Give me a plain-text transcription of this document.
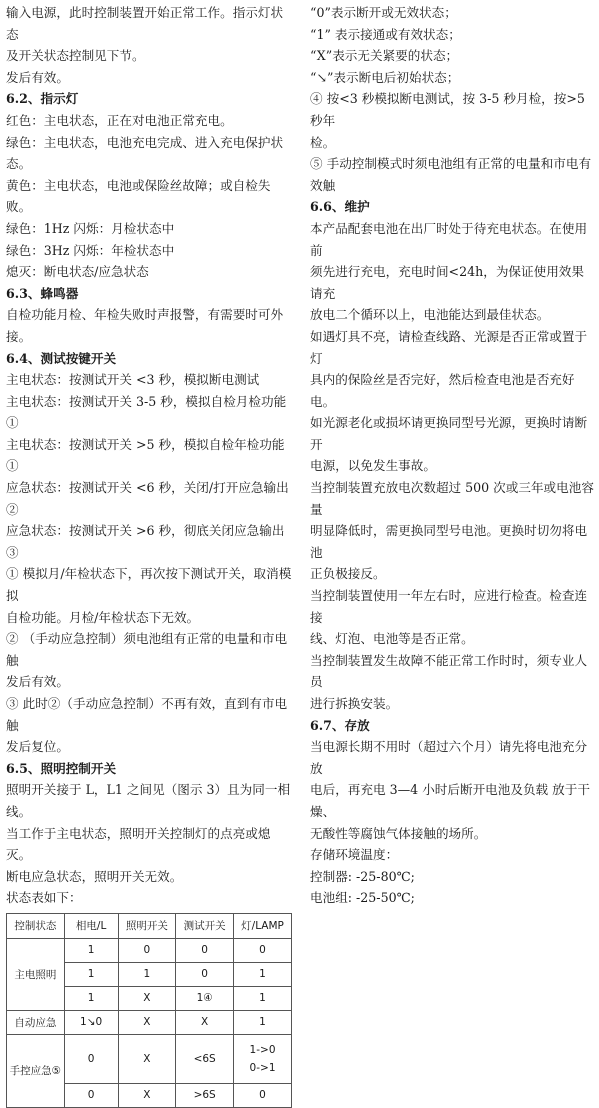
输入电源，此时控制装置开始正常工作。指示灯状态

及开关状态控制见下节。

发后有效。

6.2、指示灯

红色：主电状态，正在对电池正常充电。

绿色：主电状态，电池充电完成、进入充电保护状态。

黄色：主电状态，电池或保险丝故障；或自检失败。

绿色：1Hz 闪烁：月检状态中

绿色：3Hz 闪烁：年检状态中

熄灭：断电状态/应急状态

6.3、蜂鸣器

自检功能月检、年检失败时声报警，有需要时可外接。

6.4、测试按键开关

主电状态：按测试开关 <3 秒，模拟断电测试

主电状态：按测试开关 3-5 秒，模拟自检月检功能①

主电状态：按测试开关 >5 秒，模拟自检年检功能①

应急状态：按测试开关 <6 秒，关闭/打开应急输出②

应急状态：按测试开关 >6 秒，彻底关闭应急输出③

① 模拟月/年检状态下，再次按下测试开关，取消模拟

自检功能。月检/年检状态下无效。

② （手动应急控制）须电池组有正常的电量和市电触

发后有效。

③ 此时②（手动应急控制）不再有效，直到有市电触

发后复位。

6.5、照明控制开关

照明开关接于 L，L1 之间见（图示 3）且为同一相线。

当工作于主电状态，照明开关控制灯的点亮或熄灭。

断电应急状态，照明开关无效。

状态表如下：

控制状态	相电/L	照明开关	测试开关	灯/LAMP
主电照明	1	0	0	0
	1	1	0	1
	1	X	1④	1
自动应急	1↘0	X	X	1
手控应急⑤	0	X	<6S	1->0
0->1

	0	X	>6S	0

“0”表示断开或无效状态；

“1” 表示接通或有效状态；

“X”表示无关紧要的状态；

“↘”表示断电后初始状态；

④ 按<3 秒模拟断电测试，按 3-5 秒月检，按>5 秒年

检。

⑤ 手动控制模式时须电池组有正常的电量和市电有

效触

6.6、维护

本产品配套电池在出厂时处于待充电状态。在使用前

须先进行充电，充电时间<24h，为保证使用效果请充

放电二个循环以上，电池能达到最佳状态。

如遇灯具不亮，请检查线路、光源是否正常或置于灯

具内的保险丝是否完好，然后检查电池是否充好电。

如光源老化或损坏请更换同型号光源，更换时请断开

电源，以免发生事故。

当控制装置充放电次数超过 500 次或三年或电池容量

明显降低时，需更换同型号电池。更换时切勿将电池

正负极接反。

当控制装置使用一年左右时，应进行检查。检查连接

线、灯泡、电池等是否正常。

当控制装置发生故障不能正常工作时时，须专业人员

进行拆换安装。

6.7、存放

当电源长期不用时（超过六个月）请先将电池充分放

电后，再充电 3—4 小时后断开电池及负载 放于干燥、

无酸性等腐蚀气体接触的场所。

存储环境温度：

控制器: -25-80℃;

电池组: -25-50℃;
